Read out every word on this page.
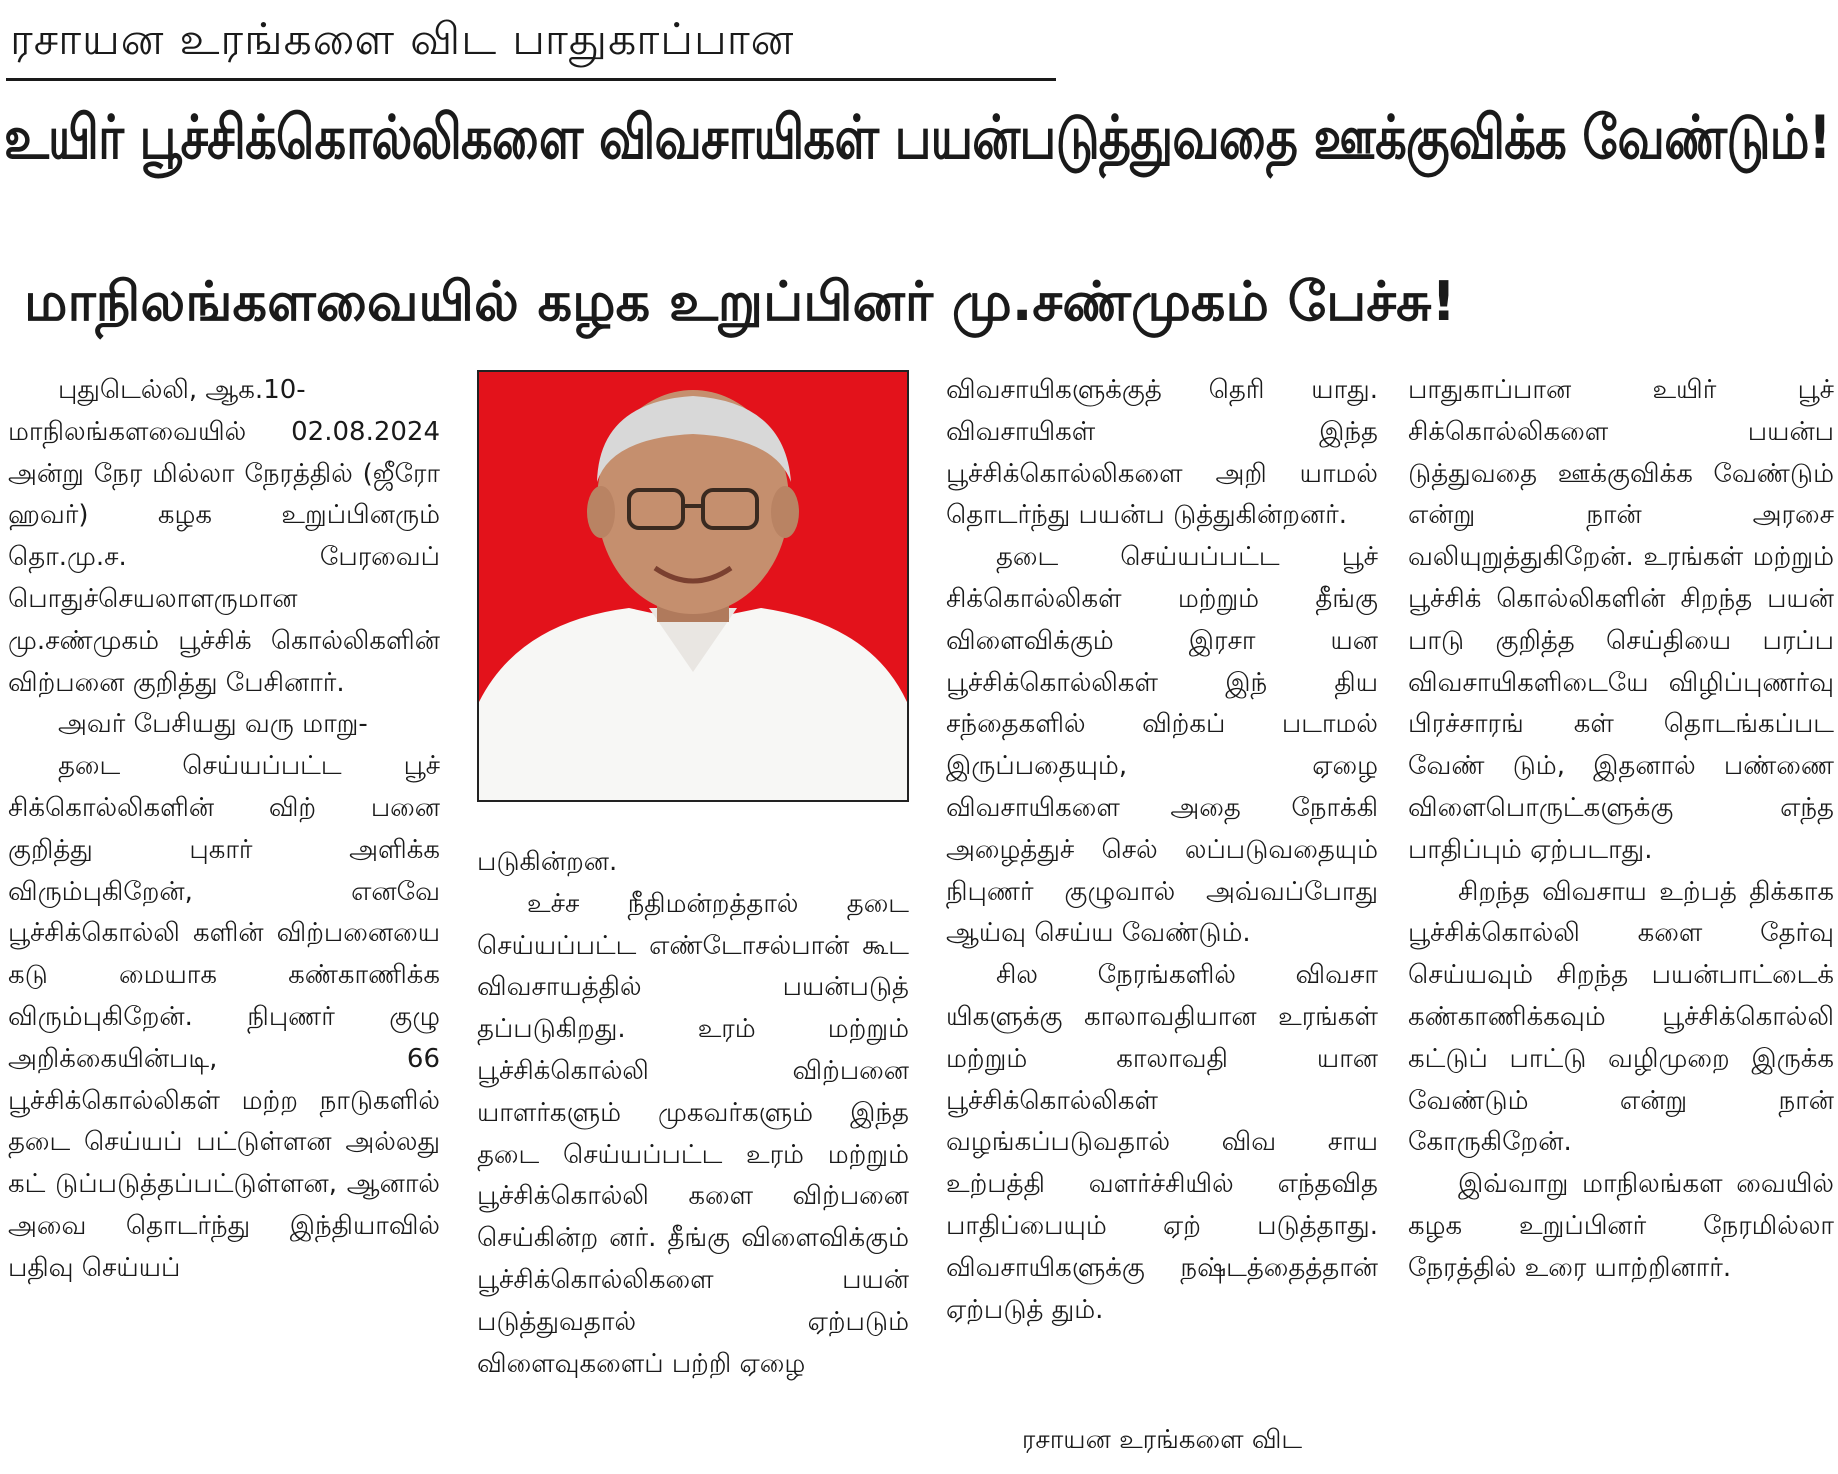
ரசாயன உரங்களை விட பாதுகாப்பான
உயிர் பூச்சிக்கொல்லிகளை விவசாயிகள் பயன்படுத்துவதை ஊக்குவிக்க வேண்டும்!
மாநிலங்களவையில் கழக உறுப்பினர் மு.சண்முகம் பேச்சு!

புதுடெல்லி, ஆக.10-

மாநிலங்களவையில் 02.08.2024 அன்று நேர மில்லா நேரத்தில் (ஜீரோ ஹவர்) கழக உறுப்பினரும் தொ.மு.ச. பேரவைப் பொதுச்செயலாளருமான மு.சண்முகம் பூச்சிக் கொல்லிகளின் விற்பனை குறித்து பேசினார்.

அவர் பேசியது வரு மாறு-

தடை செய்யப்பட்ட பூச் சிக்கொல்லிகளின் விற் பனை குறித்து புகார் அளிக்க விரும்புகிறேன், எனவே பூச்சிக்கொல்லி களின் விற்பனையை கடு மையாக கண்காணிக்க விரும்புகிறேன். நிபுணர் குழு அறிக்கையின்படி, 66 பூச்சிக்கொல்லிகள் மற்ற நாடுகளில் தடை செய்யப் பட்டுள்ளன அல்லது கட் டுப்படுத்தப்பட்டுள்ளன, ஆனால் அவை தொடர்ந்து இந்தியாவில் பதிவு செய்யப்

படுகின்றன.

உச்ச நீதிமன்றத்தால் தடை செய்யப்பட்ட எண்டோசல்பான் கூட விவசாயத்தில் பயன்படுத் தப்படுகிறது. உரம் மற்றும் பூச்சிக்கொல்லி விற்பனை யாளர்களும் முகவர்களும் இந்த தடை செய்யப்பட்ட உரம் மற்றும் பூச்சிக்கொல்லி களை விற்பனை செய்கின்ற னர். தீங்கு விளைவிக்கும் பூச்சிக்கொல்லிகளை பயன் படுத்துவதால் ஏற்படும் விளைவுகளைப் பற்றி ஏழை

விவசாயிகளுக்குத் தெரி யாது. விவசாயிகள் இந்த பூச்சிக்கொல்லிகளை அறி யாமல் தொடர்ந்து பயன்ப டுத்துகின்றனர்.

தடை செய்யப்பட்ட பூச் சிக்கொல்லிகள் மற்றும் தீங்கு விளைவிக்கும் இரசா யன பூச்சிக்கொல்லிகள் இந் திய சந்தைகளில் விற்கப் படாமல் இருப்பதையும், ஏழை விவசாயிகளை அதை நோக்கி அழைத்துச் செல் லப்படுவதையும் நிபுணர் குழுவால் அவ்வப்போது ஆய்வு செய்ய வேண்டும்.

சில நேரங்களில் விவசா யிகளுக்கு காலாவதியான உரங்கள் மற்றும் காலாவதி யான பூச்சிக்கொல்லிகள் வழங்கப்படுவதால் விவ சாய உற்பத்தி வளர்ச்சியில் எந்தவித பாதிப்பையும் ஏற் படுத்தாது. விவசாயிகளுக்கு நஷ்டத்தைத்தான் ஏற்படுத் தும்.

ரசாயன உரங்களை விட

பாதுகாப்பான உயிர் பூச் சிக்கொல்லிகளை பயன்ப டுத்துவதை ஊக்குவிக்க வேண்டும் என்று நான் அரசை வலியுறுத்துகிறேன். உரங்கள் மற்றும் பூச்சிக் கொல்லிகளின் சிறந்த பயன் பாடு குறித்த செய்தியை பரப்ப விவசாயிகளிடையே விழிப்புணர்வு பிரச்சாரங் கள் தொடங்கப்பட வேண் டும், இதனால் பண்ணை விளைபொருட்களுக்கு எந்த பாதிப்பும் ஏற்படாது.

சிறந்த விவசாய உற்பத் திக்காக பூச்சிக்கொல்லி களை தேர்வு செய்யவும் சிறந்த பயன்பாட்டைக் கண்காணிக்கவும் பூச்சிக்கொல்லி கட்டுப் பாட்டு வழிமுறை இருக்க வேண்டும் என்று நான் கோருகிறேன்.

இவ்வாறு மாநிலங்கள வையில் கழக உறுப்பினர் நேரமில்லா நேரத்தில் உரை யாற்றினார்.
